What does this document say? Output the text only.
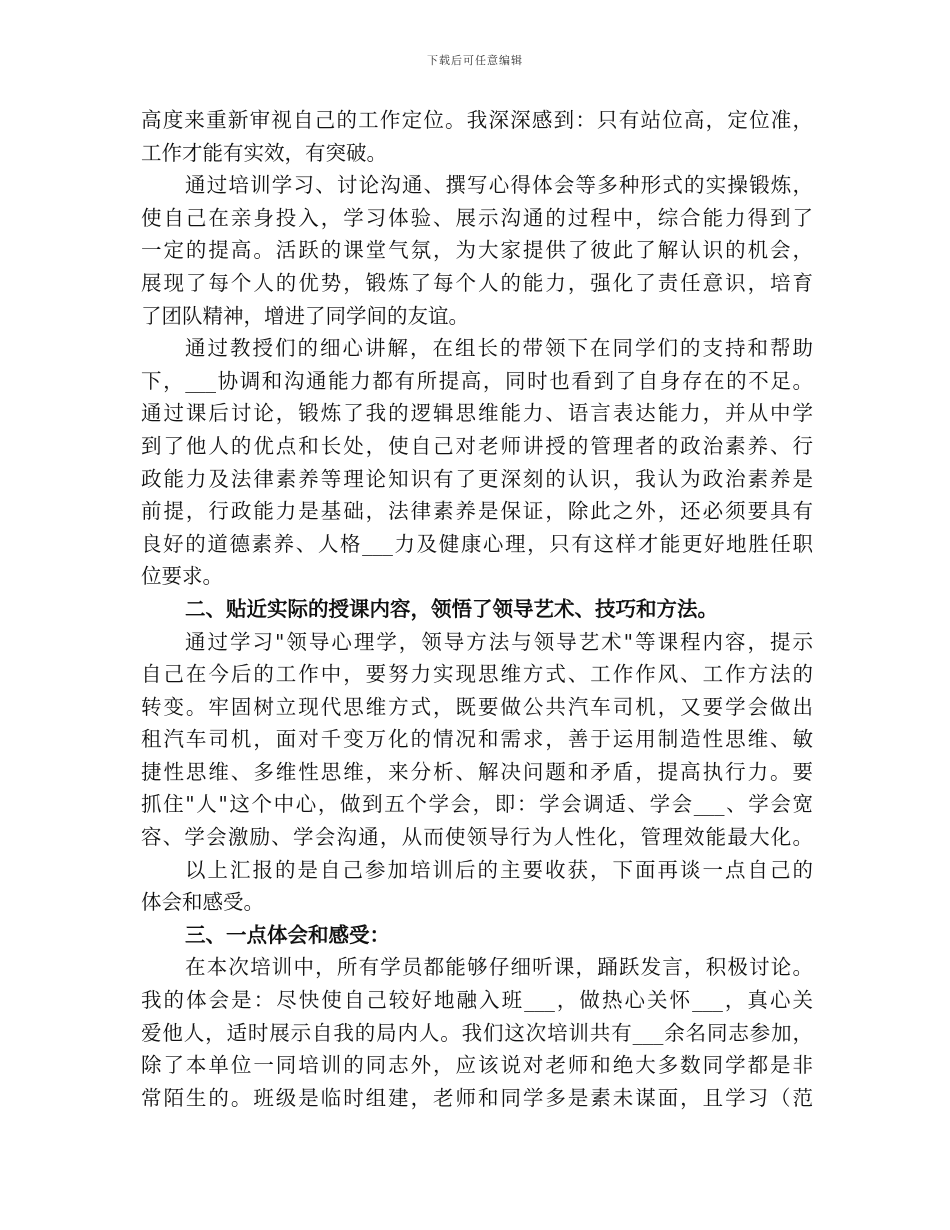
下载后可任意编辑
高度来重新审视自己的工作定位。我深深感到：只有站位高，定位准，
工作才能有实效，有突破。
通过培训学习、讨论沟通、撰写心得体会等多种形式的实操锻炼，
使自己在亲身投入，学习体验、展示沟通的过程中，综合能力得到了
一定的提高。活跃的课堂气氛，为大家提供了彼此了解认识的机会，
展现了每个人的优势，锻炼了每个人的能力，强化了责任意识，培育
了团队精神，增进了同学间的友谊。
通过教授们的细心讲解，在组长的带领下在同学们的支持和帮助
下，___协调和沟通能力都有所提高，同时也看到了自身存在的不足。
通过课后讨论，锻炼了我的逻辑思维能力、语言表达能力，并从中学
到了他人的优点和长处，使自己对老师讲授的管理者的政治素养、行
政能力及法律素养等理论知识有了更深刻的认识，我认为政治素养是
前提，行政能力是基础，法律素养是保证，除此之外，还必须要具有
良好的道德素养、人格___力及健康心理，只有这样才能更好地胜任职
位要求。
二、贴近实际的授课内容，领悟了领导艺术、技巧和方法。
通过学习"领导心理学，领导方法与领导艺术"等课程内容，提示
自己在今后的工作中，要努力实现思维方式、工作作风、工作方法的
转变。牢固树立现代思维方式，既要做公共汽车司机，又要学会做出
租汽车司机，面对千变万化的情况和需求，善于运用制造性思维、敏
捷性思维、多维性思维，来分析、解决问题和矛盾，提高执行力。要
抓住"人"这个中心，做到五个学会，即：学会调适、学会___、学会宽
容、学会激励、学会沟通，从而使领导行为人性化，管理效能最大化。
以上汇报的是自己参加培训后的主要收获，下面再谈一点自己的
体会和感受。
三、一点体会和感受：
在本次培训中，所有学员都能够仔细听课，踊跃发言，积极讨论。
我的体会是：尽快使自己较好地融入班___，做热心关怀___，真心关
爱他人，适时展示自我的局内人。我们这次培训共有___余名同志参加，
除了本单位一同培训的同志外，应该说对老师和绝大多数同学都是非
常陌生的。班级是临时组建，老师和同学多是素未谋面，且学习（范
